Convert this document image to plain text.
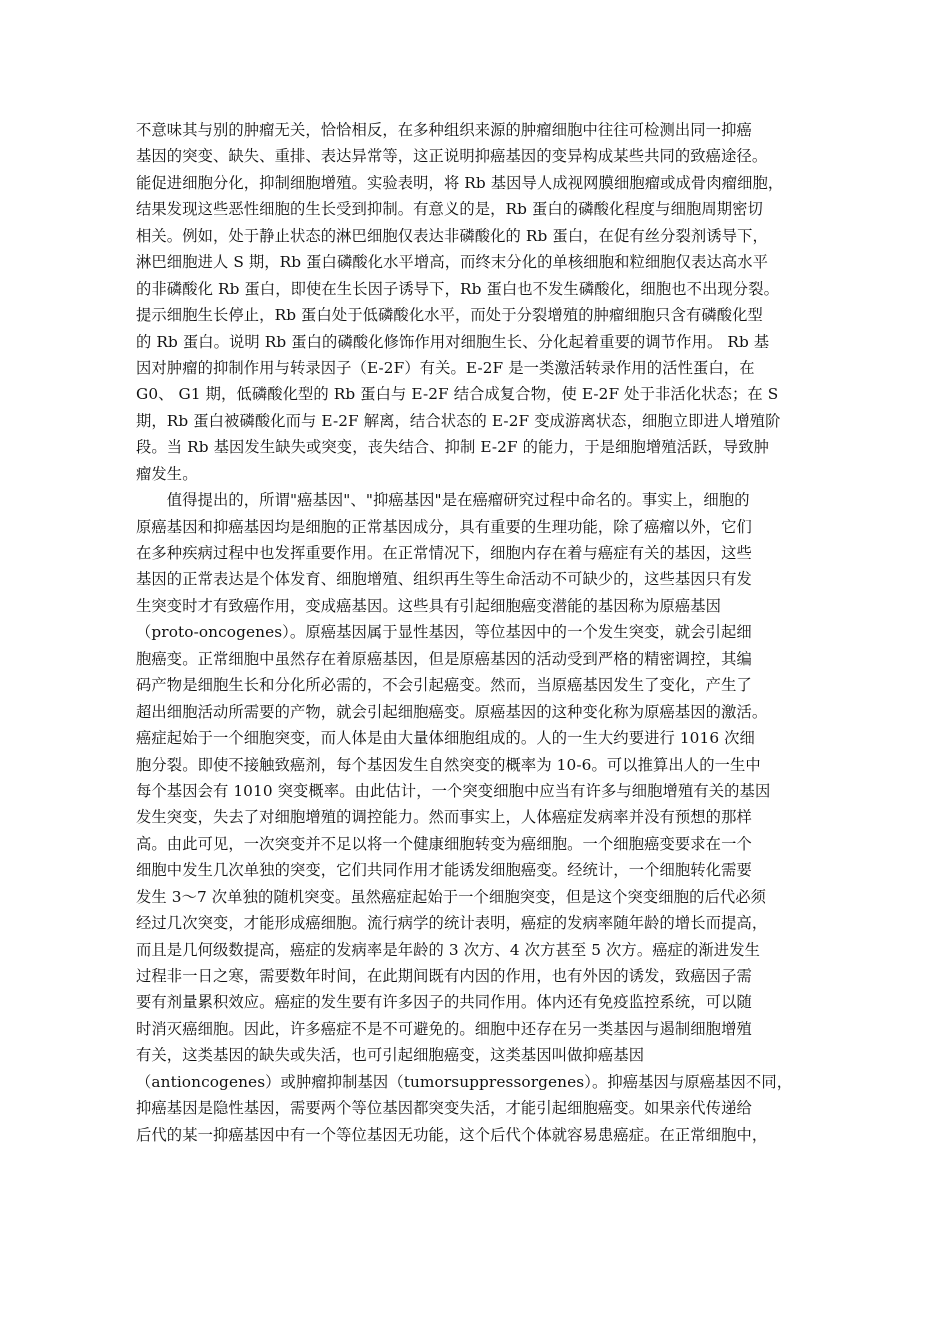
不意味其与别的肿瘤无关，恰恰相反，在多种组织来源的肿瘤细胞中往往可检测出同一抑癌
基因的突变、缺失、重排、表达异常等，这正说明抑癌基因的变异构成某些共同的致癌途径。
能促进细胞分化，抑制细胞增殖。实验表明，将 Rb 基因导人成视网膜细胞瘤或成骨肉瘤细胞，
结果发现这些恶性细胞的生长受到抑制。有意义的是，Rb 蛋白的磷酸化程度与细胞周期密切
相关。例如，处于静止状态的淋巴细胞仅表达非磷酸化的 Rb 蛋白，在促有丝分裂剂诱导下，
淋巴细胞进人 S 期，Rb 蛋白磷酸化水平增高，而终末分化的单核细胞和粒细胞仅表达高水平
的非磷酸化 Rb 蛋白，即使在生长因子诱导下，Rb 蛋白也不发生磷酸化，细胞也不出现分裂。
提示细胞生长停止，Rb 蛋白处于低磷酸化水平，而处于分裂增殖的肿瘤细胞只含有磷酸化型
的 Rb 蛋白。说明 Rb 蛋白的磷酸化修饰作用对细胞生长、分化起着重要的调节作用。 Rb 基
因对肿瘤的抑制作用与转录因子（E-2F）有关。E-2F 是一类激活转录作用的活性蛋白，在
G0、 G1 期，低磷酸化型的 Rb 蛋白与 E-2F 结合成复合物，使 E-2F 处于非活化状态；在 S
期，Rb 蛋白被磷酸化而与 E-2F 解离，结合状态的 E-2F 变成游离状态，细胞立即进人增殖阶
段。当 Rb 基因发生缺失或突变，丧失结合、抑制 E-2F 的能力，于是细胞增殖活跃，导致肿
瘤发生。
　　值得提出的，所谓"癌基因"、"抑癌基因"是在癌瘤研究过程中命名的。事实上，细胞的
原癌基因和抑癌基因均是细胞的正常基因成分，具有重要的生理功能，除了癌瘤以外，它们
在多种疾病过程中也发挥重要作用。在正常情况下，细胞内存在着与癌症有关的基因，这些
基因的正常表达是个体发育、细胞增殖、组织再生等生命活动不可缺少的，这些基因只有发
生突变时才有致癌作用，变成癌基因。这些具有引起细胞癌变潜能的基因称为原癌基因
（proto-oncogenes）。原癌基因属于显性基因，等位基因中的一个发生突变，就会引起细
胞癌变。正常细胞中虽然存在着原癌基因，但是原癌基因的活动受到严格的精密调控，其编
码产物是细胞生长和分化所必需的，不会引起癌变。然而，当原癌基因发生了变化，产生了
超出细胞活动所需要的产物，就会引起细胞癌变。原癌基因的这种变化称为原癌基因的激活。
癌症起始于一个细胞突变，而人体是由大量体细胞组成的。人的一生大约要进行 1016 次细
胞分裂。即使不接触致癌剂，每个基因发生自然突变的概率为 10-6。可以推算出人的一生中
每个基因会有 1010 突变概率。由此估计，一个突变细胞中应当有许多与细胞增殖有关的基因
发生突变，失去了对细胞增殖的调控能力。然而事实上，人体癌症发病率并没有预想的那样
高。由此可见，一次突变并不足以将一个健康细胞转变为癌细胞。一个细胞癌变要求在一个
细胞中发生几次单独的突变，它们共同作用才能诱发细胞癌变。经统计，一个细胞转化需要
发生 3～7 次单独的随机突变。虽然癌症起始于一个细胞突变，但是这个突变细胞的后代必须
经过几次突变，才能形成癌细胞。流行病学的统计表明，癌症的发病率随年龄的增长而提高，
而且是几何级数提高，癌症的发病率是年龄的 3 次方、4 次方甚至 5 次方。癌症的渐进发生
过程非一日之寒，需要数年时间，在此期间既有内因的作用，也有外因的诱发，致癌因子需
要有剂量累积效应。癌症的发生要有许多因子的共同作用。体内还有免疫监控系统，可以随
时消灭癌细胞。因此，许多癌症不是不可避免的。细胞中还存在另一类基因与遏制细胞增殖
有关，这类基因的缺失或失活，也可引起细胞癌变，这类基因叫做抑癌基因
（antioncogenes）或肿瘤抑制基因（tumorsuppressorgenes）。抑癌基因与原癌基因不同，
抑癌基因是隐性基因，需要两个等位基因都突变失活，才能引起细胞癌变。如果亲代传递给
后代的某一抑癌基因中有一个等位基因无功能，这个后代个体就容易患癌症。在正常细胞中，
